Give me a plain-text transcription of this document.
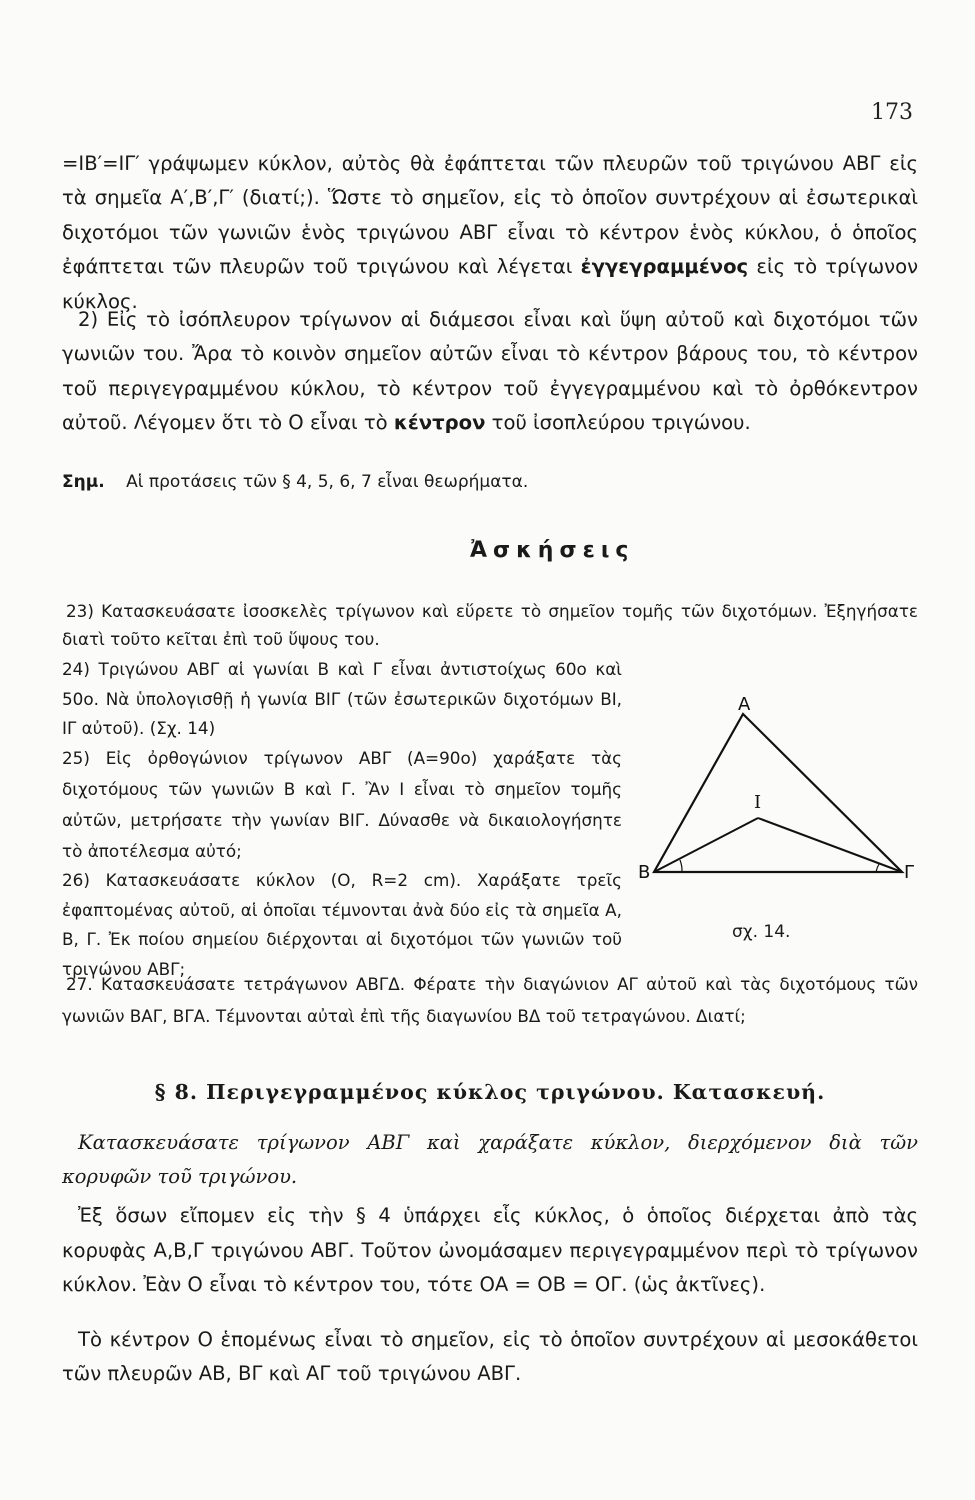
173

=IB′=IΓ′ γράψωμεν κύκλον, αὐτὸς θὰ ἐφάπτεται τῶν πλευρῶν τοῦ τριγώνου ΑΒΓ εἰς τὰ σημεῖα Α′,Β′,Γ′ (διατί;). Ὥστε τὸ σημεῖον, εἰς τὸ ὁποῖον συντρέχουν αἱ ἐσωτερικαὶ διχοτόμοι τῶν γωνιῶν ἑνὸς τριγώνου ΑΒΓ εἶναι τὸ κέντρον ἑνὸς κύκλου, ὁ ὁποῖος ἐφάπτεται τῶν πλευρῶν τοῦ τριγώνου καὶ λέγεται ἐγγεγραμμένος εἰς τὸ τρίγωνον κύκλος.

2) Εἰς τὸ ἰσόπλευρον τρίγωνον αἱ διάμεσοι εἶναι καὶ ὕψη αὐτοῦ καὶ διχοτόμοι τῶν γωνιῶν του. Ἄρα τὸ κοινὸν σημεῖον αὐτῶν εἶναι τὸ κέντρον βάρους του, τὸ κέντρον τοῦ περιγεγραμμένου κύκλου, τὸ κέντρον τοῦ ἐγγεγραμμένου καὶ τὸ ὀρθόκεντρον αὐτοῦ. Λέγομεν ὅτι τὸ Ο εἶναι τὸ κέντρον τοῦ ἰσοπλεύρου τριγώνου.

Σημ. Αἱ προτάσεις τῶν § 4, 5, 6, 7 εἶναι θεωρήματα.

Ἀσκήσεις

23) Κατασκευάσατε ἰσοσκελὲς τρίγωνον καὶ εὕρετε τὸ σημεῖον τομῆς τῶν διχοτόμων. Ἐξηγήσατε διατὶ τοῦτο κεῖται ἐπὶ τοῦ ὕψους του.

24) Τριγώνου ΑΒΓ αἱ γωνίαι Β καὶ Γ εἶναι ἀντιστοίχως 60ο καὶ 50ο. Νὰ ὑπολογισθῇ ἡ γωνία ΒΙΓ (τῶν ἐσωτερικῶν διχοτόμων ΒΙ, ΙΓ αὐτοῦ). (Σχ. 14)

25) Εἰς ὀρθογώνιον τρίγωνον ΑΒΓ (Α=90ο) χαράξατε τὰς διχοτόμους τῶν γωνιῶν Β καὶ Γ. Ἂν Ι εἶναι τὸ σημεῖον τομῆς αὐτῶν, μετρήσατε τὴν γωνίαν ΒΙΓ. Δύνασθε νὰ δικαιολογήσητε τὸ ἀποτέλεσμα αὐτό;

26) Κατασκευάσατε κύκλον (Ο, R=2 cm). Χαράξατε τρεῖς ἐφαπτομένας αὐτοῦ, αἱ ὁποῖαι τέμνονται ἀνὰ δύο εἰς τὰ σημεῖα Α, Β, Γ. Ἐκ ποίου σημείου διέρχονται αἱ διχοτόμοι τῶν γωνιῶν τοῦ τριγώνου ΑΒΓ;

Α
Β	Γ
Ι
σχ. 14.

27. Κατασκευάσατε τετράγωνον ΑΒΓΔ. Φέρατε τὴν διαγώνιον ΑΓ αὐτοῦ καὶ τὰς διχοτόμους τῶν γωνιῶν ΒΑΓ, ΒΓΑ. Τέμνονται αὐταὶ ἐπὶ τῆς διαγωνίου ΒΔ τοῦ τετραγώνου. Διατί;

§ 8. Περιγεγραμμένος κύκλος τριγώνου. Κατασκευή.

Κατασκευάσατε τρίγωνον ΑΒΓ καὶ χαράξατε κύκλον, διερχόμενον διὰ τῶν κορυφῶν τοῦ τριγώνου.

Ἐξ ὅσων εἴπομεν εἰς τὴν § 4 ὑπάρχει εἷς κύκλος, ὁ ὁποῖος διέρχεται ἀπὸ τὰς κορυφὰς Α,Β,Γ τριγώνου ΑΒΓ. Τοῦτον ὠνομάσαμεν περιγεγραμμένον περὶ τὸ τρίγωνον κύκλον. Ἐὰν Ο εἶναι τὸ κέντρον του, τότε ΟΑ = ΟΒ = ΟΓ. (ὡς ἀκτῖνες).

Τὸ κέντρον Ο ἑπομένως εἶναι τὸ σημεῖον, εἰς τὸ ὁποῖον συντρέχουν αἱ μεσοκάθετοι τῶν πλευρῶν ΑΒ, ΒΓ καὶ ΑΓ τοῦ τριγώνου ΑΒΓ.
